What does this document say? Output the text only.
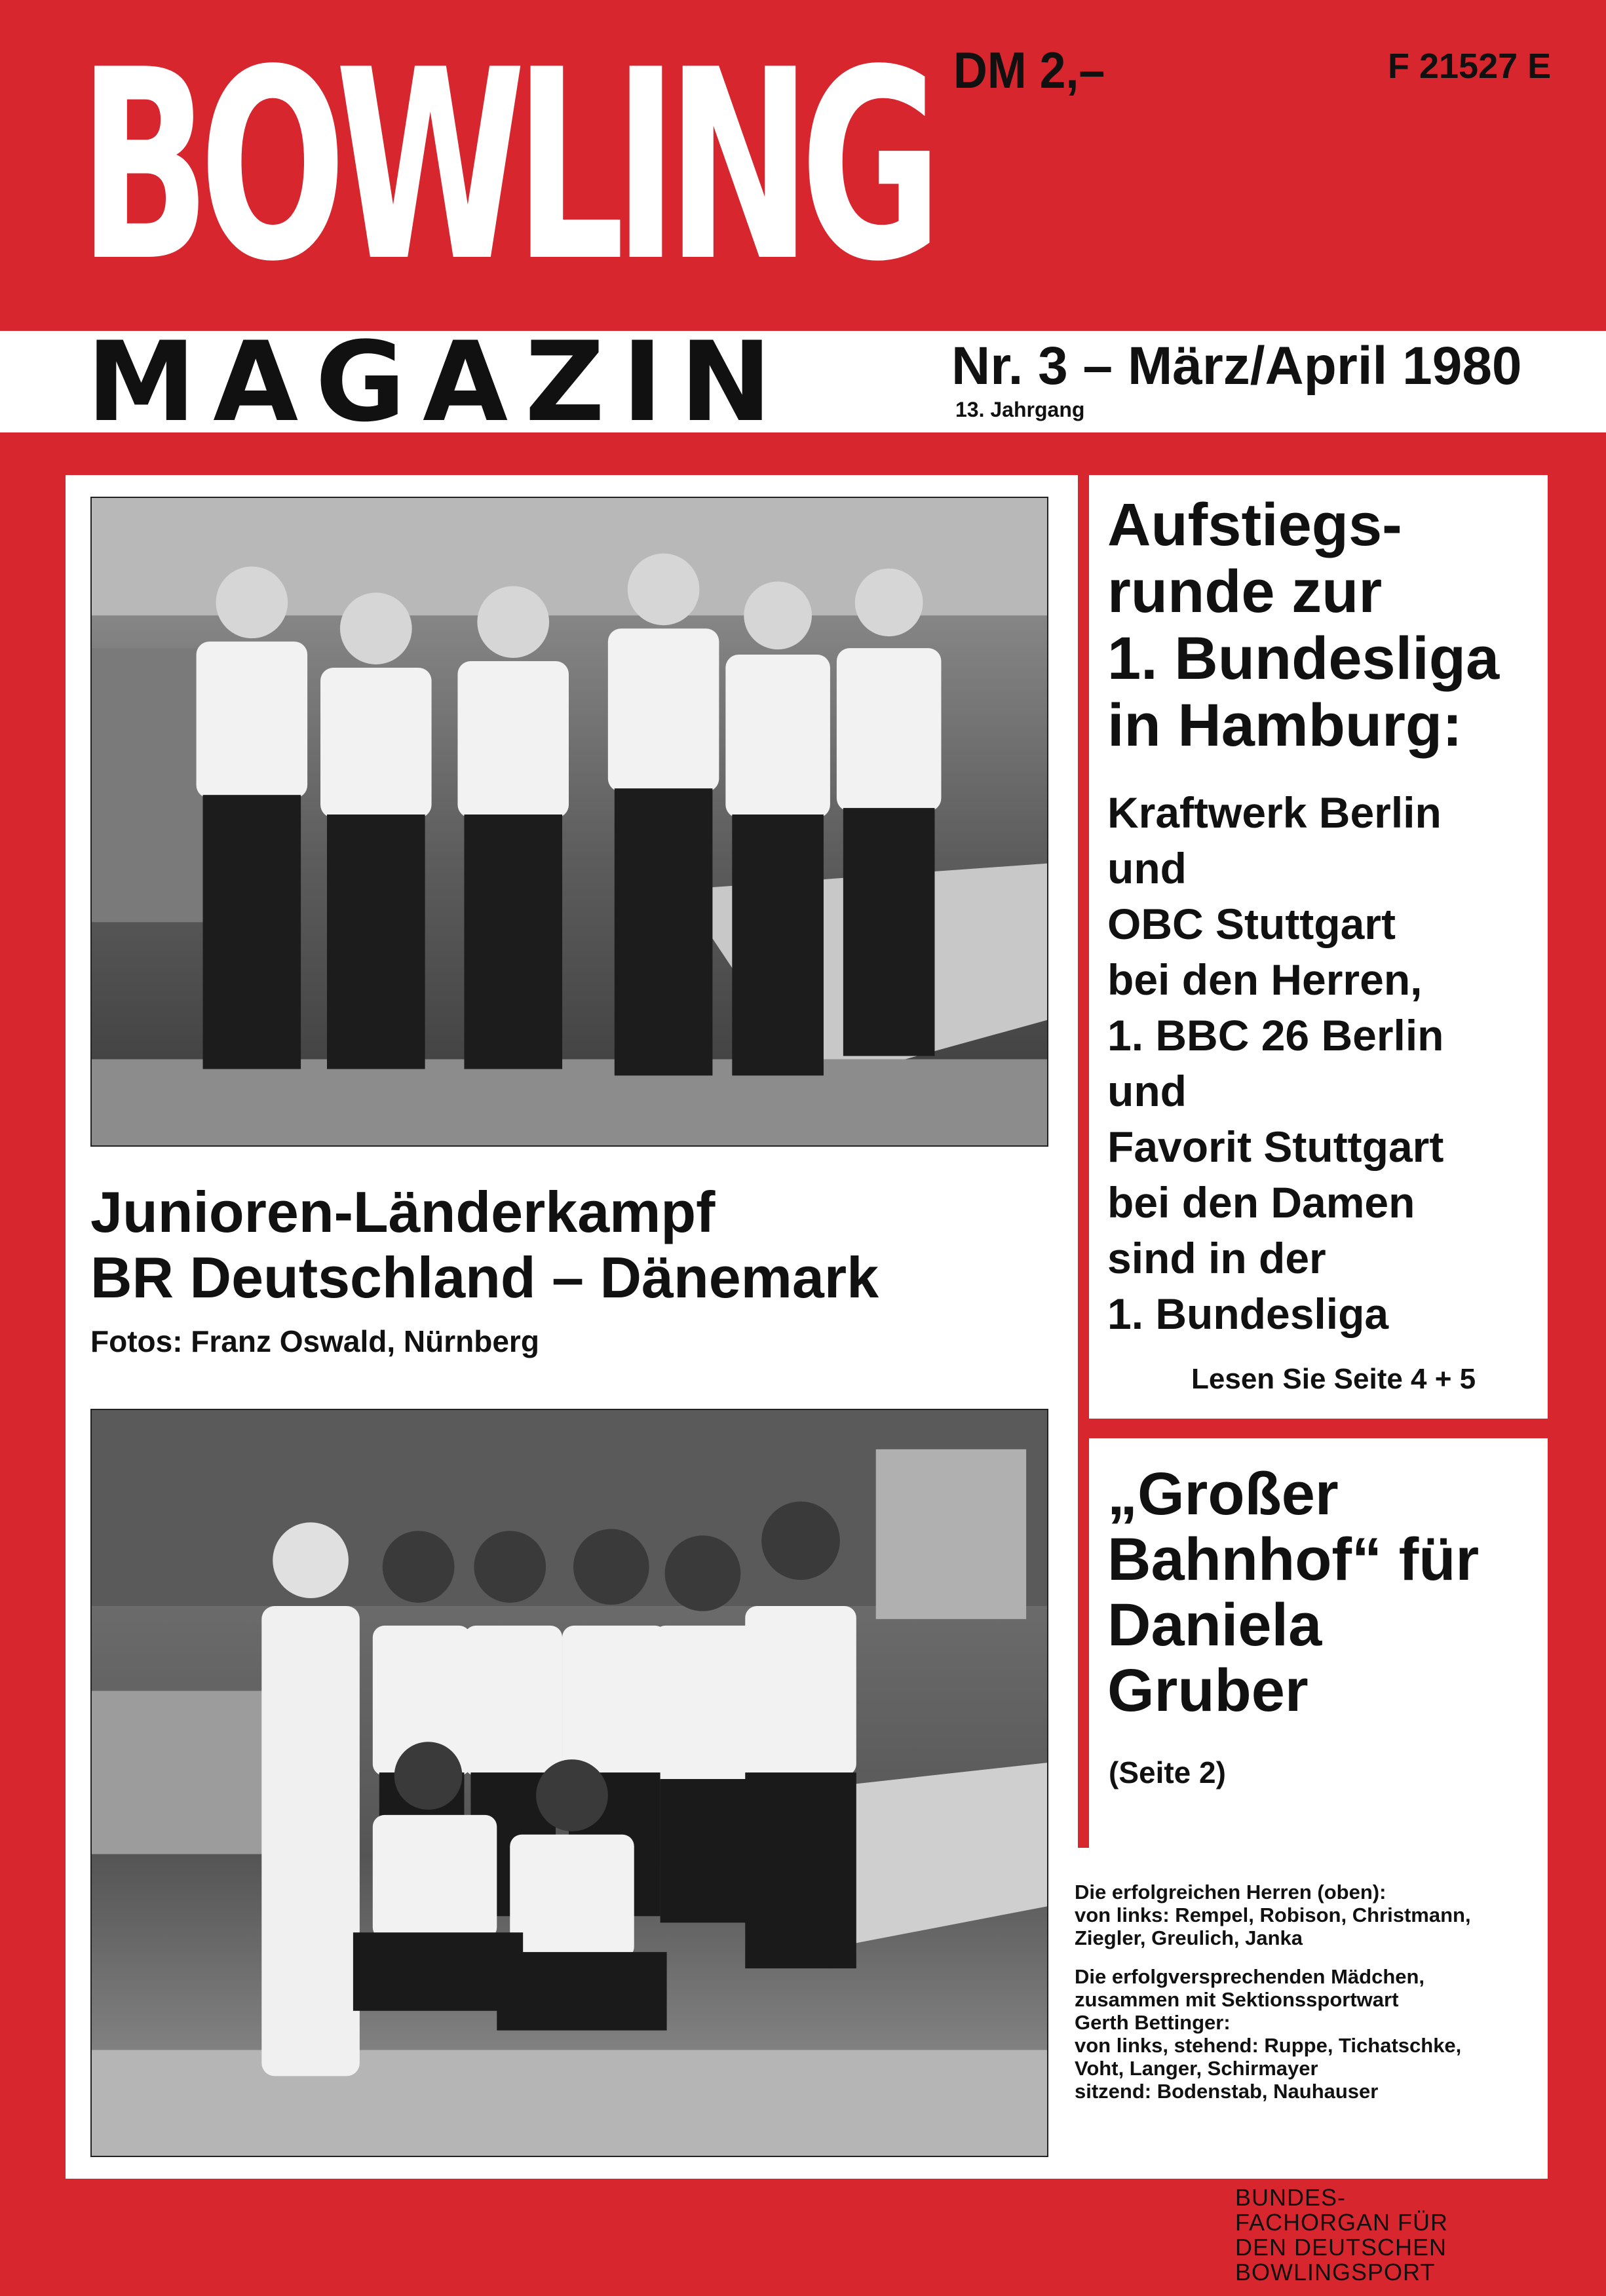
BOWLING DM 2,–	F 21527 E
MAGAZIN	Nr. 3 – März/April 1980
13. Jahrgang
Junioren-Länderkampf
BR Deutschland – Dänemark
Fotos: Franz Oswald, Nürnberg
Aufstiegs-
runde zur
1. Bundesliga
in Hamburg:
Kraftwerk Berlin
und
OBC Stuttgart
bei den Herren,
1. BBC 26 Berlin
und
Favorit Stuttgart
bei den Damen
sind in der
1. Bundesliga
Lesen Sie Seite 4 + 5
„Großer
Bahnhof“ für
Daniela
Gruber
(Seite 2)

Die erfolgreichen Herren (oben):
von links: Rempel, Robison, Christmann,
Ziegler, Greulich, Janka

Die erfolgversprechenden Mädchen,
zusammen mit Sektionssportwart
Gerth Bettinger:
von links, stehend: Ruppe, Tichatschke,
Voht, Langer, Schirmayer
sitzend: Bodenstab, Nauhauser

BUNDES-
FACHORGAN FÜR
DEN DEUTSCHEN
BOWLINGSPORT
